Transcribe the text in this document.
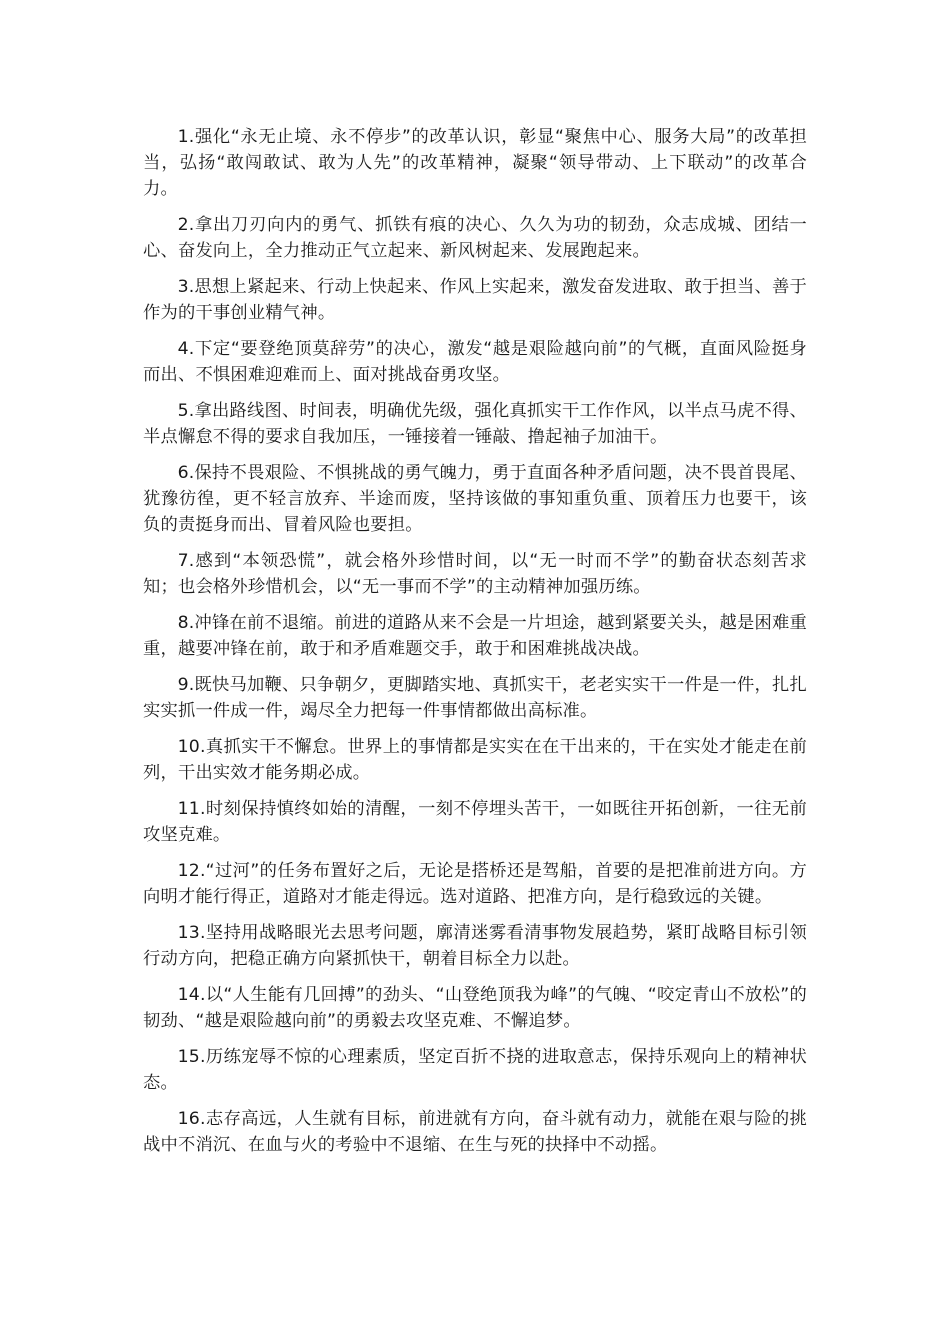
1.强化“永无止境、永不停步”的改革认识，彰显“聚焦中心、服务大局”的改革担当，弘扬“敢闯敢试、敢为人先”的改革精神，凝聚“领导带动、上下联动”的改革合力。

2.拿出刀刃向内的勇气、抓铁有痕的决心、久久为功的韧劲，众志成城、团结一心、奋发向上，全力推动正气立起来、新风树起来、发展跑起来。

3.思想上紧起来、行动上快起来、作风上实起来，激发奋发进取、敢于担当、善于作为的干事创业精气神。

4.下定“要登绝顶莫辞劳”的决心，激发“越是艰险越向前”的气概，直面风险挺身而出、不惧困难迎难而上、面对挑战奋勇攻坚。

5.拿出路线图、时间表，明确优先级，强化真抓实干工作作风，以半点马虎不得、半点懈怠不得的要求自我加压，一锤接着一锤敲、撸起袖子加油干。

6.保持不畏艰险、不惧挑战的勇气魄力，勇于直面各种矛盾问题，决不畏首畏尾、犹豫彷徨，更不轻言放弃、半途而废，坚持该做的事知重负重、顶着压力也要干，该负的责挺身而出、冒着风险也要担。

7.感到“本领恐慌”，就会格外珍惜时间，以“无一时而不学”的勤奋状态刻苦求知；也会格外珍惜机会，以“无一事而不学”的主动精神加强历练。

8.冲锋在前不退缩。前进的道路从来不会是一片坦途，越到紧要关头，越是困难重重，越要冲锋在前，敢于和矛盾难题交手，敢于和困难挑战决战。

9.既快马加鞭、只争朝夕，更脚踏实地、真抓实干，老老实实干一件是一件，扎扎实实抓一件成一件，竭尽全力把每一件事情都做出高标准。

10.真抓实干不懈怠。世界上的事情都是实实在在干出来的，干在实处才能走在前列，干出实效才能务期必成。

11.时刻保持慎终如始的清醒，一刻不停埋头苦干，一如既往开拓创新，一往无前攻坚克难。

12.“过河”的任务布置好之后，无论是搭桥还是驾船，首要的是把准前进方向。方向明才能行得正，道路对才能走得远。选对道路、把准方向，是行稳致远的关键。

13.坚持用战略眼光去思考问题，廓清迷雾看清事物发展趋势，紧盯战略目标引领行动方向，把稳正确方向紧抓快干，朝着目标全力以赴。

14.以“人生能有几回搏”的劲头、“山登绝顶我为峰”的气魄、“咬定青山不放松”的韧劲、“越是艰险越向前”的勇毅去攻坚克难、不懈追梦。

15.历练宠辱不惊的心理素质，坚定百折不挠的进取意志，保持乐观向上的精神状态。

16.志存高远，人生就有目标，前进就有方向，奋斗就有动力，就能在艰与险的挑战中不消沉、在血与火的考验中不退缩、在生与死的抉择中不动摇。
